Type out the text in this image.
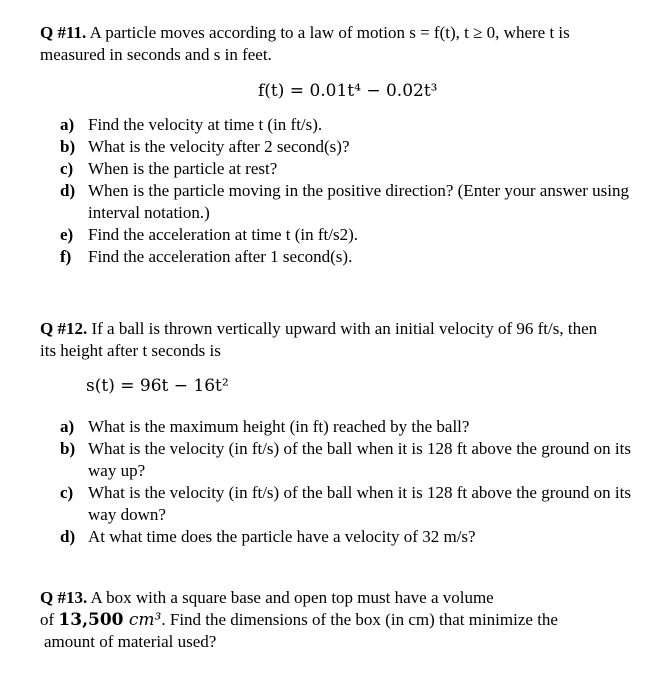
Q #11. A particle moves according to a law of motion s = f(t), t ≥ 0, where t is
measured in seconds and s in feet.
f(t) = 0.01t⁴ − 0.02t³
a) Find the velocity at time t (in ft/s).
b) What is the velocity after 2 second(s)?
c) When is the particle at rest?
d) When is the particle moving in the positive direction? (Enter your answer using interval notation.)
e) Find the acceleration at time t (in ft/s2).
f) Find the acceleration after 1 second(s).
Q #12. If a ball is thrown vertically upward with an initial velocity of 96 ft/s, then
its height after t seconds is
s(t) = 96t − 16t²
a) What is the maximum height (in ft) reached by the ball?
b) What is the velocity (in ft/s) of the ball when it is 128 ft above the ground on its way up?
c) What is the velocity (in ft/s) of the ball when it is 128 ft above the ground on its way down?
d) At what time does the particle have a velocity of 32 m/s?
Q #13. A box with a square base and open top must have a volume
of 13,500 cm³. Find the dimensions of the box (in cm) that minimize the
amount of material used?
